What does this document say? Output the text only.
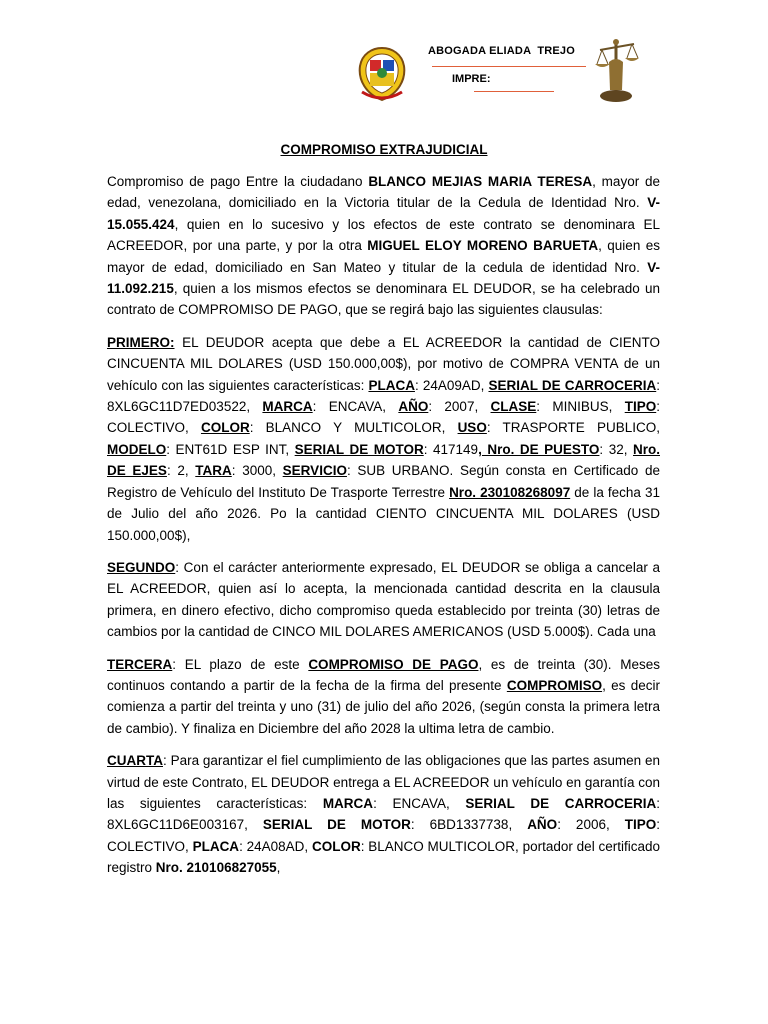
ABOGADA ELIADA  TREJO
IMPRE:
COMPROMISO EXTRAJUDICIAL

Compromiso de pago Entre la ciudadano BLANCO MEJIAS MARIA TERESA, mayor de edad, venezolana, domiciliado en la Victoria titular de la Cedula de Identidad Nro. V-15.055.424, quien en lo sucesivo y los efectos de este contrato se denominara EL ACREEDOR, por una parte, y por la otra MIGUEL ELOY MORENO BARUETA, quien es mayor de edad, domiciliado en San Mateo y titular de la cedula de identidad Nro. V-11.092.215, quien a los mismos efectos se denominara EL DEUDOR, se ha celebrado un contrato de COMPROMISO DE PAGO, que se regirá bajo las siguientes clausulas:

PRIMERO: EL DEUDOR acepta que debe a EL ACREEDOR la cantidad de CIENTO CINCUENTA MIL DOLARES (USD 150.000,00$), por motivo de COMPRA VENTA de un vehículo con las siguientes características: PLACA: 24A09AD, SERIAL DE CARROCERIA: 8XL6GC11D7ED03522, MARCA: ENCAVA, AÑO: 2007, CLASE: MINIBUS, TIPO: COLECTIVO, COLOR: BLANCO Y MULTICOLOR, USO: TRASPORTE PUBLICO, MODELO: ENT61D ESP INT, SERIAL DE MOTOR: 417149, Nro. DE PUESTO: 32, Nro. DE EJES: 2, TARA: 3000, SERVICIO: SUB URBANO. Según consta en Certificado de Registro de Vehículo del Instituto De Trasporte Terrestre Nro. 230108268097 de la fecha 31 de Julio del año 2026. Po la cantidad CIENTO CINCUENTA MIL DOLARES (USD 150.000,00$),

SEGUNDO: Con el carácter anteriormente expresado, EL DEUDOR se obliga a cancelar a EL ACREEDOR, quien así lo acepta, la mencionada cantidad descrita en la clausula primera, en dinero efectivo, dicho compromiso queda establecido por treinta (30) letras de cambios por la cantidad de CINCO MIL DOLARES AMERICANOS (USD 5.000$). Cada una

TERCERA: EL plazo de este COMPROMISO DE PAGO, es de treinta (30). Meses continuos contando a partir de la fecha de la firma del presente COMPROMISO, es decir comienza a partir del treinta y uno (31) de julio del año 2026, (según consta la primera letra de cambio). Y finaliza en Diciembre del año 2028 la ultima letra de cambio.

CUARTA: Para garantizar el fiel cumplimiento de las obligaciones que las partes asumen en virtud de este Contrato, EL DEUDOR entrega a EL ACREEDOR un vehículo en garantía con las siguientes características: MARCA: ENCAVA, SERIAL DE CARROCERIA: 8XL6GC11D6E003167, SERIAL DE MOTOR: 6BD1337738, AÑO: 2006, TIPO: COLECTIVO, PLACA: 24A08AD, COLOR: BLANCO MULTICOLOR, portador del certificado registro Nro. 210106827055,
